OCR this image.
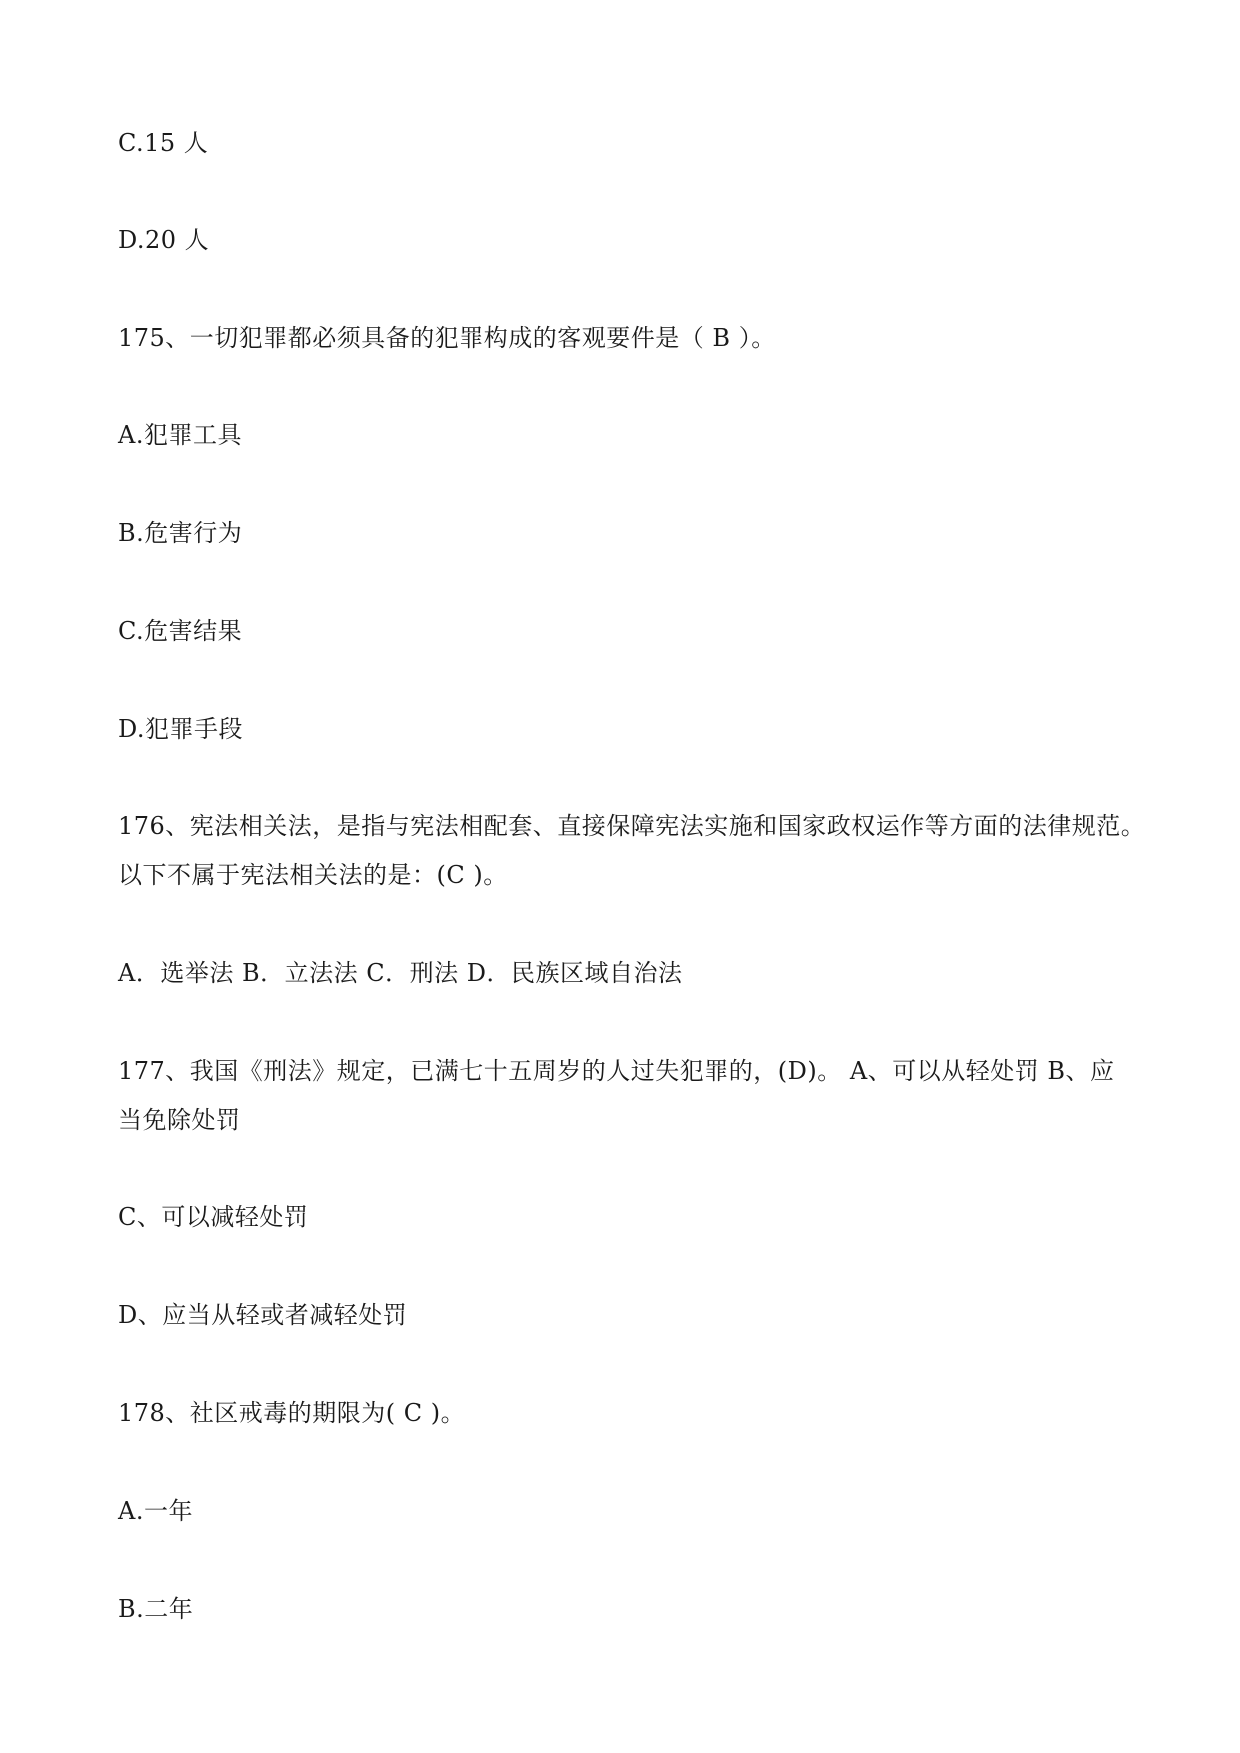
C.15 人
D.20 人
175、一切犯罪都必须具备的犯罪构成的客观要件是（ B ）。
A.犯罪工具
B.危害行为
C.危害结果
D.犯罪手段
176、宪法相关法，是指与宪法相配套、直接保障宪法实施和国家政权运作等方面的法律规范。
以下不属于宪法相关法的是：(C )。
A．选举法 B．立法法 C．刑法 D．民族区域自治法
177、我国《刑法》规定，已满七十五周岁的人过失犯罪的，(D)。 A、可以从轻处罚 B、应
当免除处罚
C、可以减轻处罚
D、应当从轻或者减轻处罚
178、社区戒毒的期限为( C )。
A.一年
B.二年
